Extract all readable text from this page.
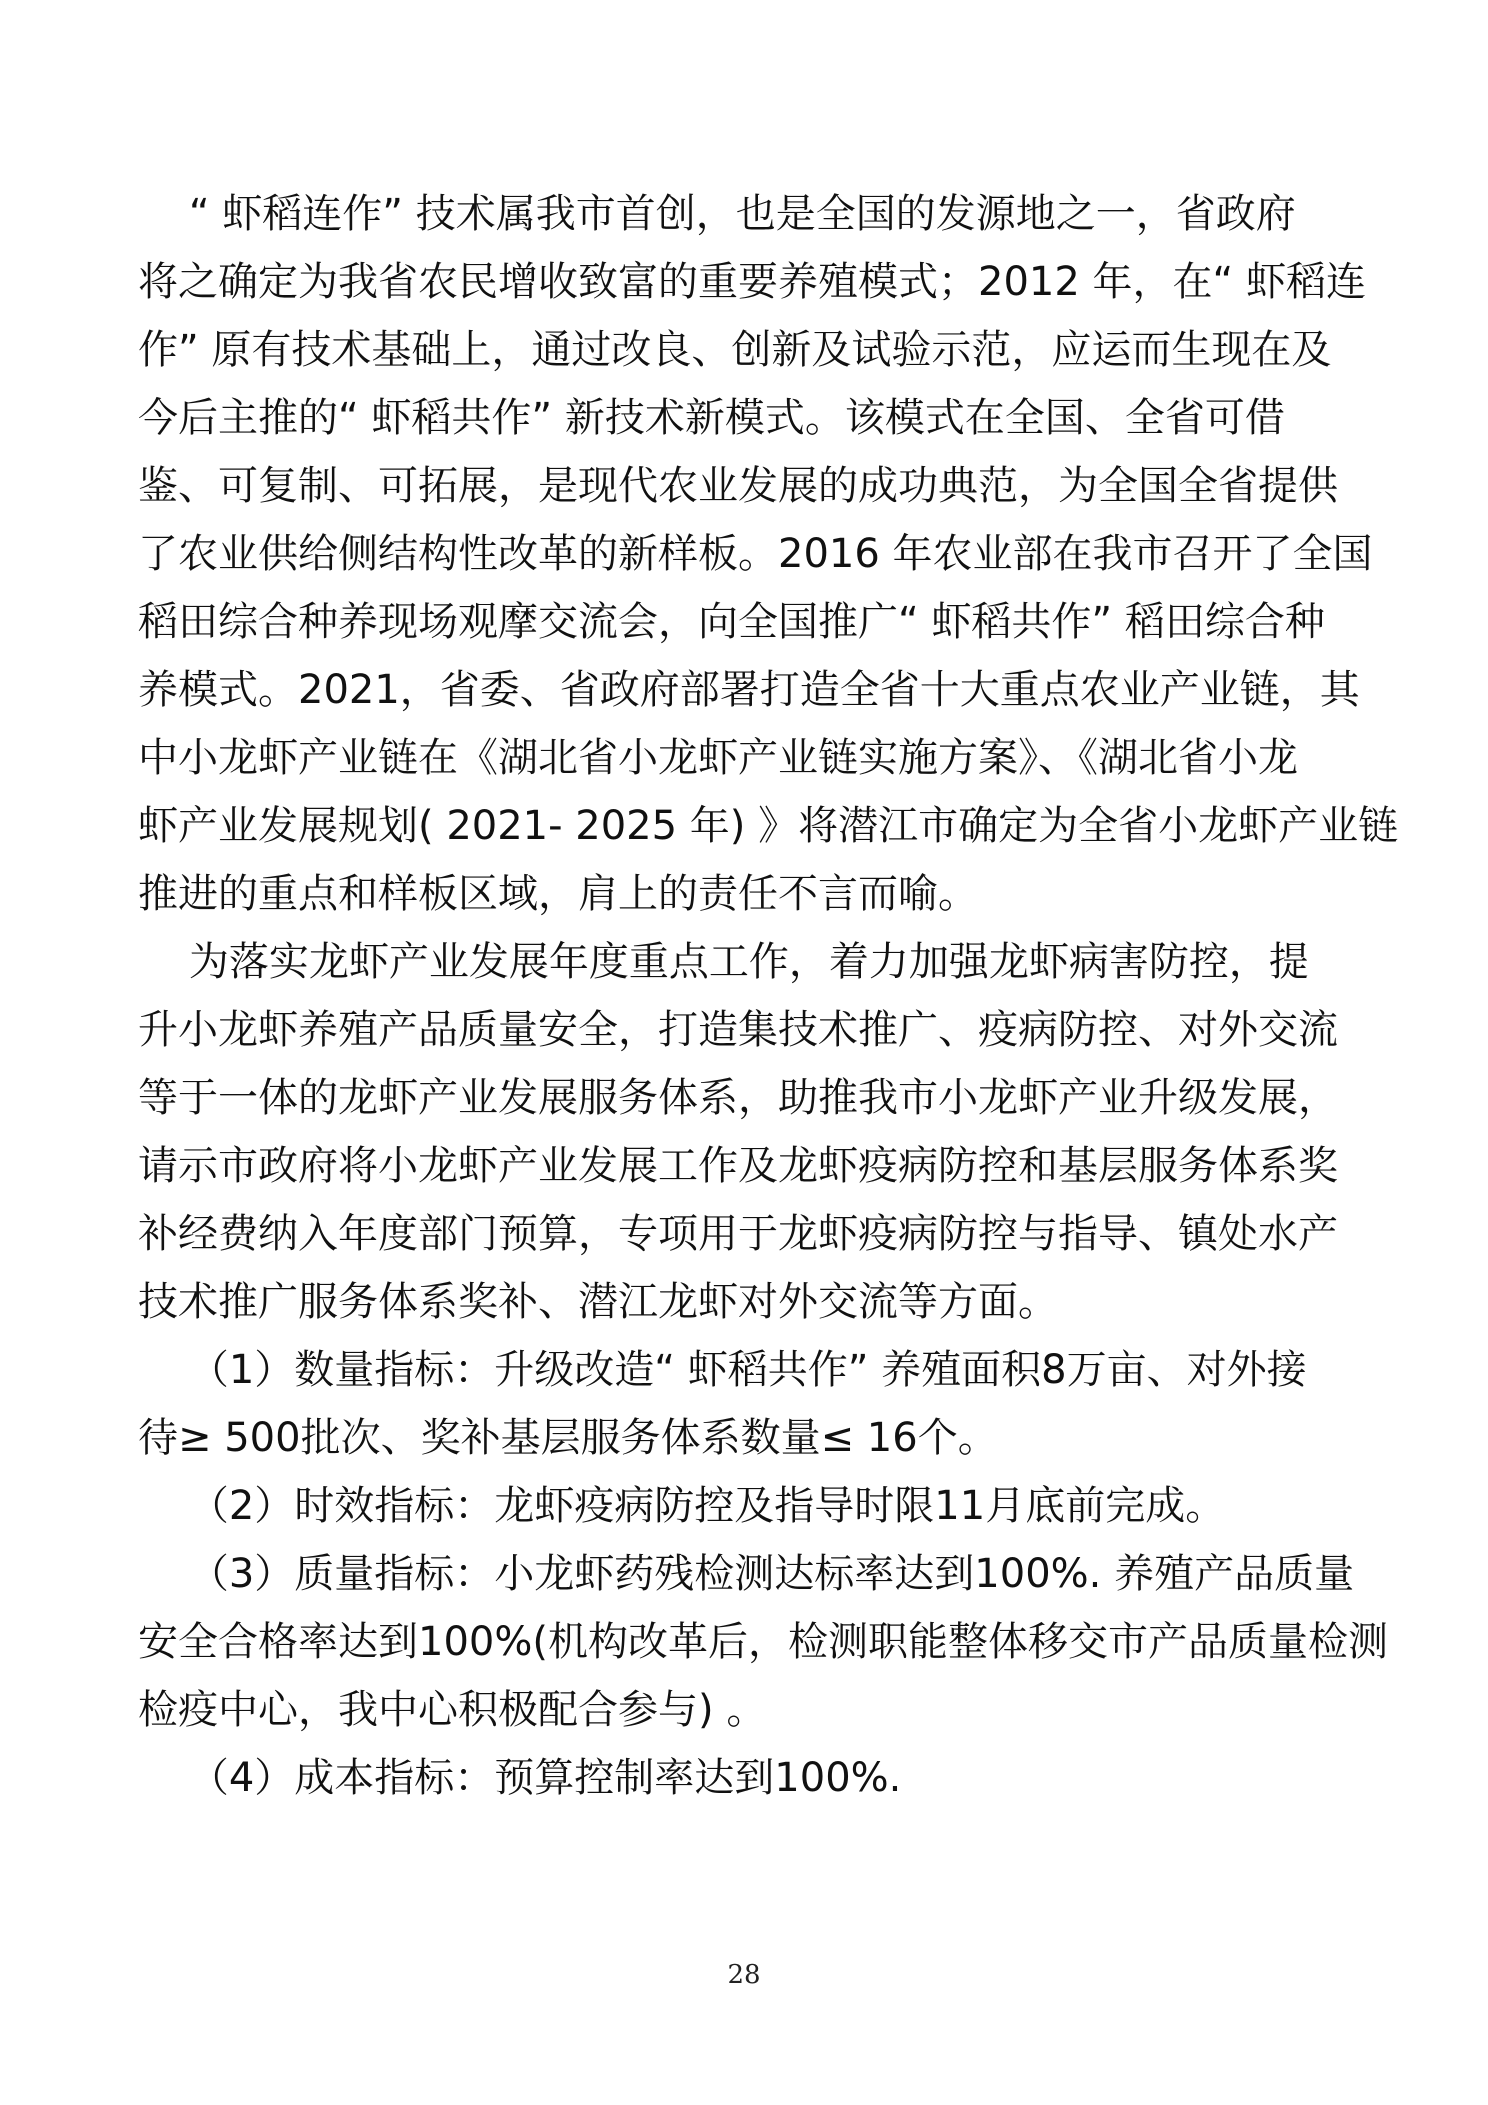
“ 虾稻连作” 技术属我市首创，也是全国的发源地之一，省政府
将之确定为我省农民增收致富的重要养殖模式；2012 年，在“ 虾稻连
作” 原有技术基础上，通过改良、创新及试验示范，应运而生现在及
今后主推的“ 虾稻共作” 新技术新模式。该模式在全国、全省可借
鉴、可复制、可拓展，是现代农业发展的成功典范，为全国全省提供
了农业供给侧结构性改革的新样板。2016 年农业部在我市召开了全国
稻田综合种养现场观摩交流会，向全国推广“ 虾稻共作” 稻田综合种
养模式。2021，省委、省政府部署打造全省十大重点农业产业链，其
中小龙虾产业链在《湖北省小龙虾产业链实施方案》、《湖北省小龙
虾产业发展规划( 2021- 2025 年) 》将潜江市确定为全省小龙虾产业链
推进的重点和样板区域，肩上的责任不言而喻。
为落实龙虾产业发展年度重点工作，着力加强龙虾病害防控，提
升小龙虾养殖产品质量安全，打造集技术推广、疫病防控、对外交流
等于一体的龙虾产业发展服务体系，助推我市小龙虾产业升级发展，
请示市政府将小龙虾产业发展工作及龙虾疫病防控和基层服务体系奖
补经费纳入年度部门预算，专项用于龙虾疫病防控与指导、镇处水产
技术推广服务体系奖补、潜江龙虾对外交流等方面。
（1）数量指标：升级改造“ 虾稻共作” 养殖面积8万亩、对外接
待≥ 500批次、奖补基层服务体系数量≤ 16个。
（2）时效指标：龙虾疫病防控及指导时限11月底前完成。
（3）质量指标：小龙虾药残检测达标率达到100%. 养殖产品质量
安全合格率达到100%(机构改革后，检测职能整体移交市产品质量检测
检疫中心，我中心积极配合参与) 。
（4）成本指标：预算控制率达到100%.
28
